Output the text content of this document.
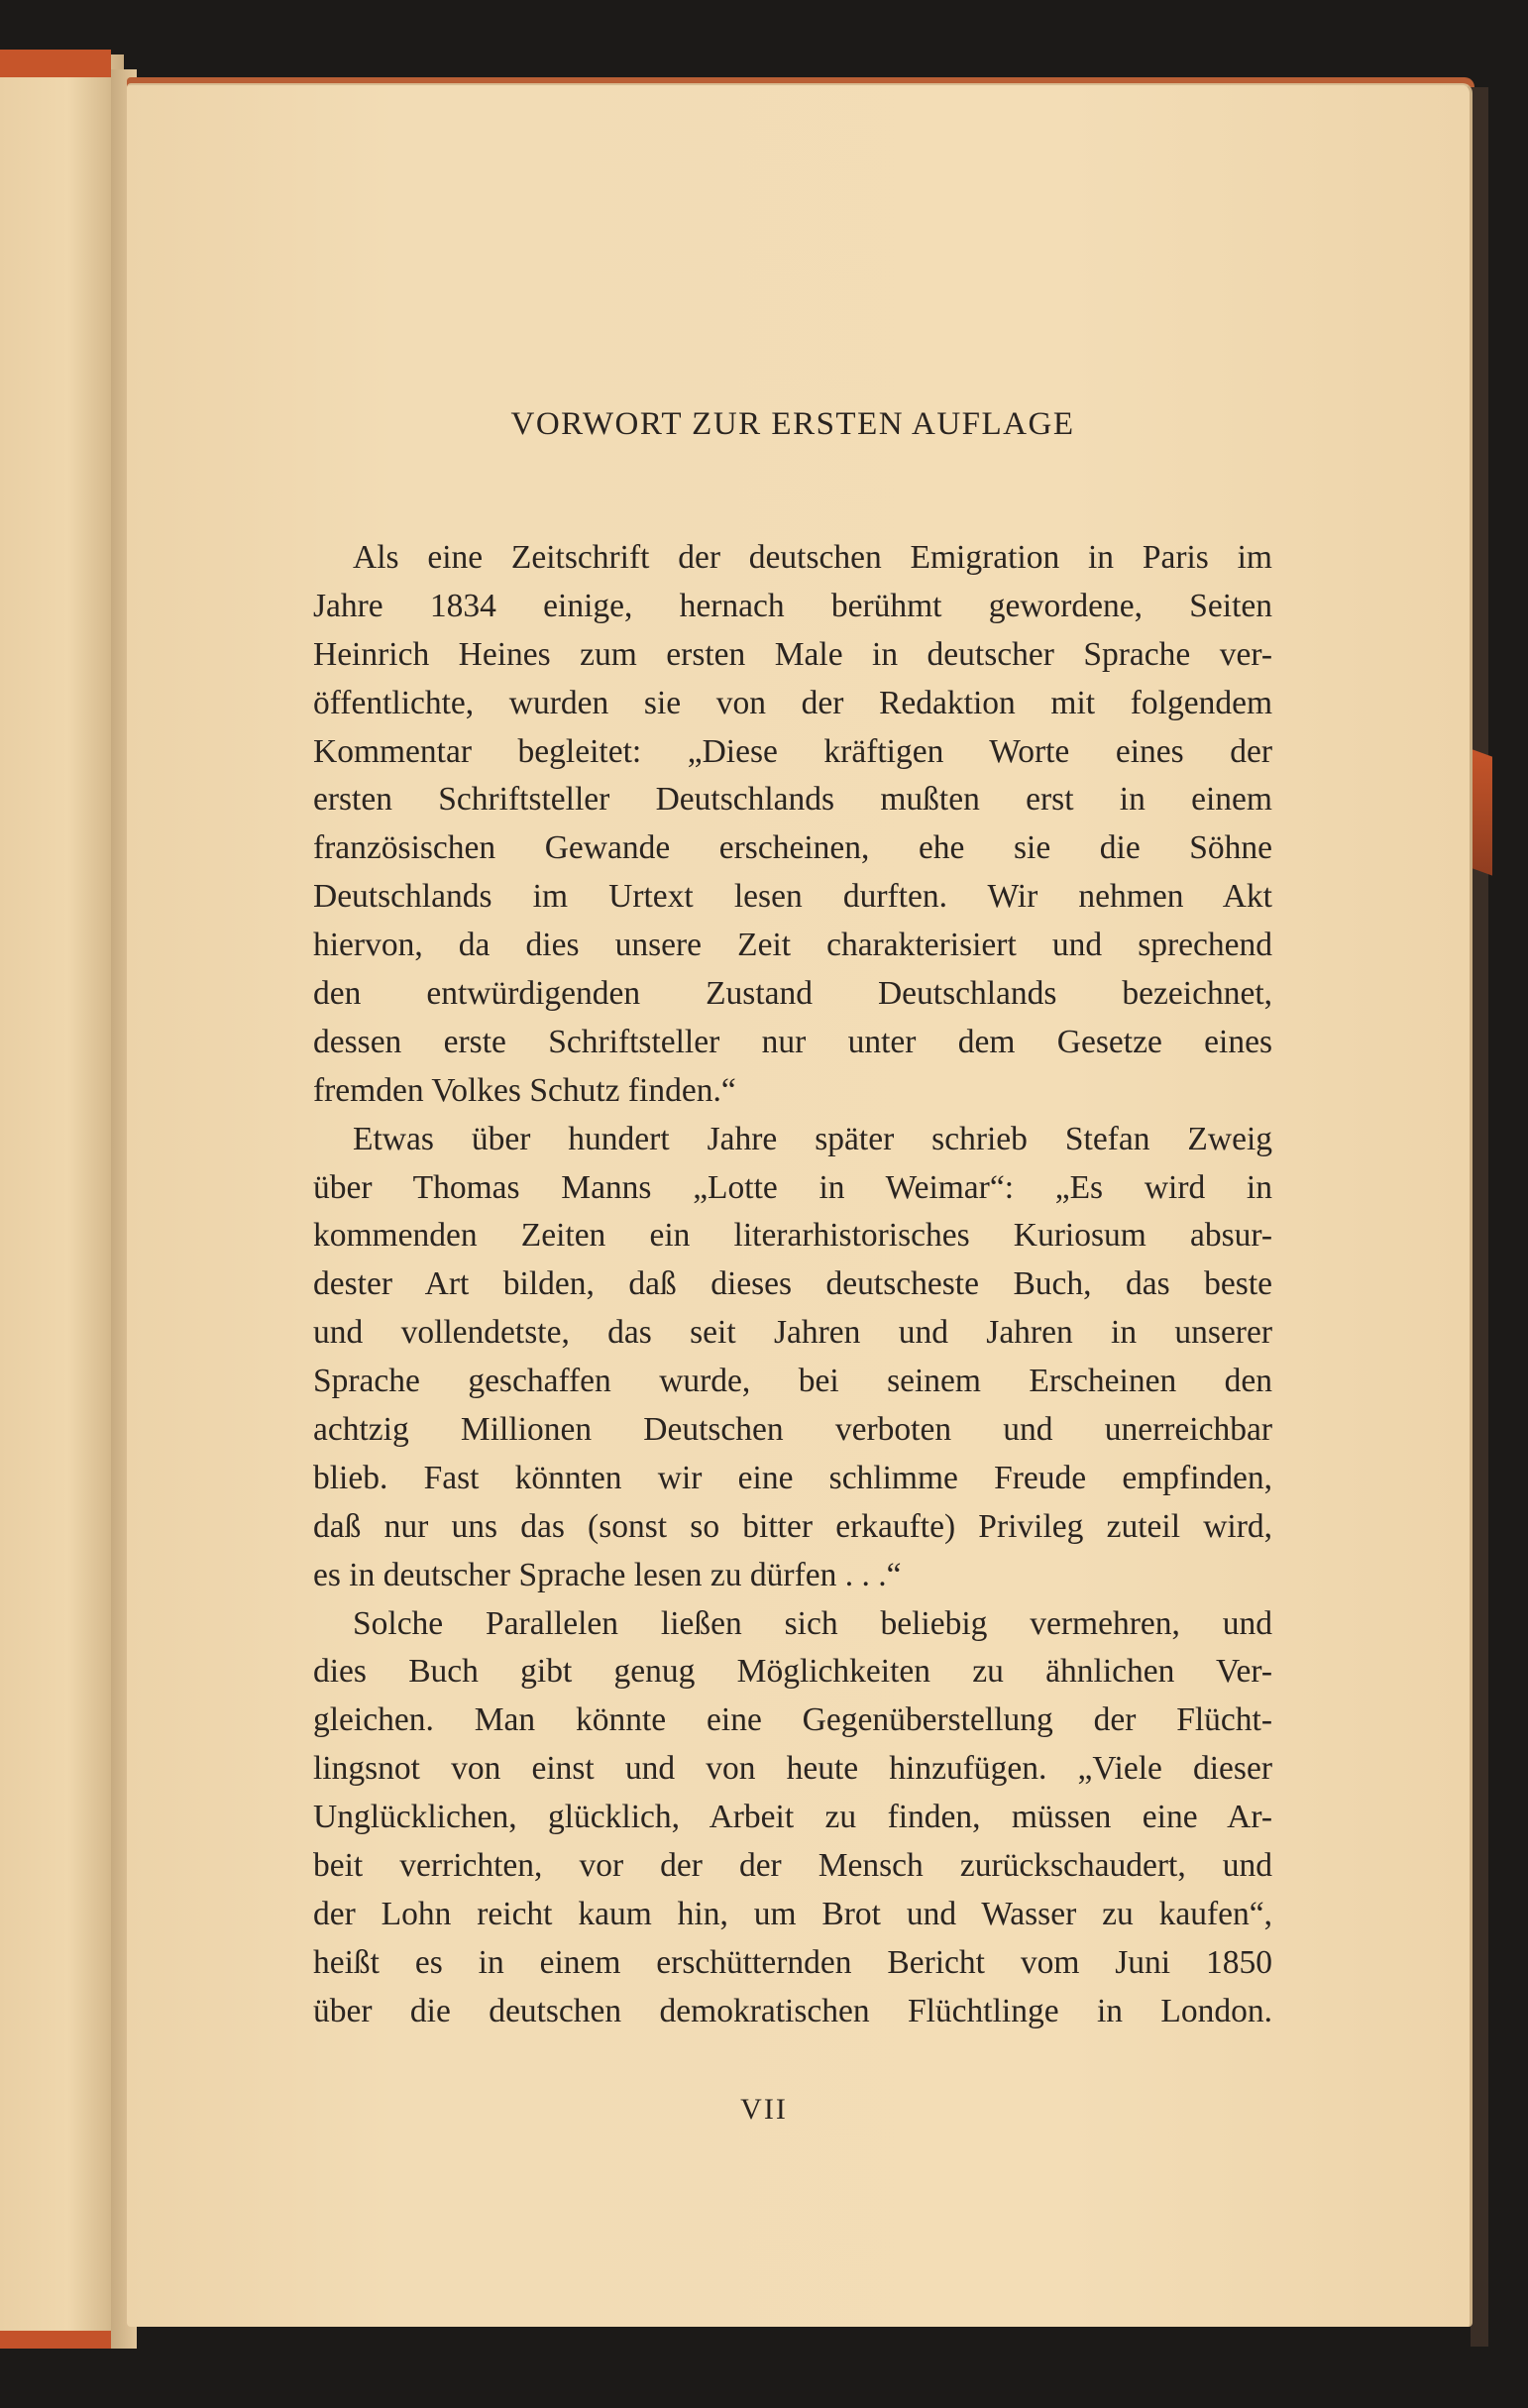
VORWORT ZUR ERSTEN AUFLAGE
Als eine Zeitschrift der deutschen Emigration in Paris im
Jahre 1834 einige, hernach berühmt gewordene, Seiten
Heinrich Heines zum ersten Male in deutscher Sprache ver-
öffentlichte, wurden sie von der Redaktion mit folgendem
Kommentar begleitet: „Diese kräftigen Worte eines der
ersten Schriftsteller Deutschlands mußten erst in einem
französischen Gewande erscheinen, ehe sie die Söhne
Deutschlands im Urtext lesen durften. Wir nehmen Akt
hiervon, da dies unsere Zeit charakterisiert und sprechend
den entwürdigenden Zustand Deutschlands bezeichnet,
dessen erste Schriftsteller nur unter dem Gesetze eines
fremden Volkes Schutz finden.“
Etwas über hundert Jahre später schrieb Stefan Zweig
über Thomas Manns „Lotte in Weimar“: „Es wird in
kommenden Zeiten ein literarhistorisches Kuriosum absur-
dester Art bilden, daß dieses deutscheste Buch, das beste
und vollendetste, das seit Jahren und Jahren in unserer
Sprache geschaffen wurde, bei seinem Erscheinen den
achtzig Millionen Deutschen verboten und unerreichbar
blieb. Fast könnten wir eine schlimme Freude empfinden,
daß nur uns das (sonst so bitter erkaufte) Privileg zuteil wird,
es in deutscher Sprache lesen zu dürfen . . .“
Solche Parallelen ließen sich beliebig vermehren, und
dies Buch gibt genug Möglichkeiten zu ähnlichen Ver-
gleichen. Man könnte eine Gegenüberstellung der Flücht-
lingsnot von einst und von heute hinzufügen. „Viele dieser
Unglücklichen, glücklich, Arbeit zu finden, müssen eine Ar-
beit verrichten, vor der der Mensch zurückschaudert, und
der Lohn reicht kaum hin, um Brot und Wasser zu kaufen“,
heißt es in einem erschütternden Bericht vom Juni 1850
über die deutschen demokratischen Flüchtlinge in London.
VII
